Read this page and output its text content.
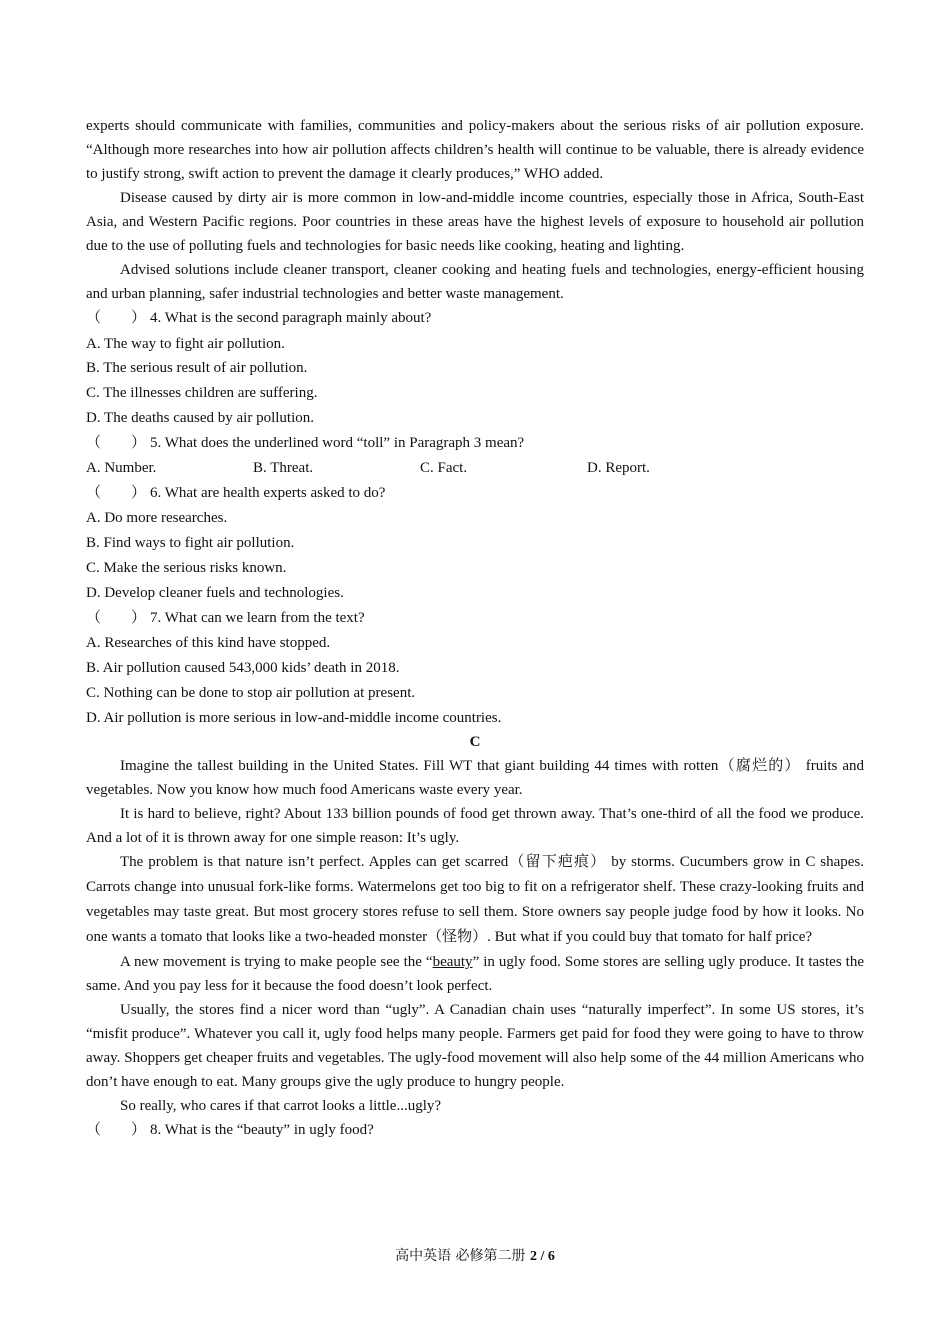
experts should communicate with families, communities and policy-makers about the serious risks of air pollution exposure. “Although more researches into how air pollution affects children’s health will continue to be valuable, there is already evidence to justify strong, swift action to prevent the damage it clearly produces,” WHO added.

Disease caused by dirty air is more common in low-and-middle income countries, especially those in Africa, South-East Asia, and Western Pacific regions. Poor countries in these areas have the highest levels of exposure to household air pollution due to the use of polluting fuels and technologies for basic needs like cooking, heating and lighting.

Advised solutions include cleaner transport, cleaner cooking and heating fuels and technologies, energy-efficient housing and urban planning, safer industrial technologies and better waste management.

（　　） 4. What is the second paragraph mainly about?

A. The way to fight air pollution.

B. The serious result of air pollution.

C. The illnesses children are suffering.

D. The deaths caused by air pollution.

（　　） 5. What does the underlined word “toll” in Paragraph 3 mean?

A. Number.	B. Threat.	C. Fact.	D. Report.

（　　） 6. What are health experts asked to do?

A. Do more researches.

B. Find ways to fight air pollution.

C. Make the serious risks known.

D. Develop cleaner fuels and technologies.

（　　） 7. What can we learn from the text?

A. Researches of this kind have stopped.

B. Air pollution caused 543,000 kids’ death in 2018.

C. Nothing can be done to stop air pollution at present.

D. Air pollution is more serious in low-and-middle income countries.

C

Imagine the tallest building in the United States. Fill WT that giant building 44 times with rotten（腐烂的） fruits and vegetables. Now you know how much food Americans waste every year.

It is hard to believe, right? About 133 billion pounds of food get thrown away. That’s one-third of all the food we produce. And a lot of it is thrown away for one simple reason: It’s ugly.

The problem is that nature isn’t perfect. Apples can get scarred（留下疤痕） by storms. Cucumbers grow in C shapes. Carrots change into unusual fork-like forms. Watermelons get too big to fit on a refrigerator shelf. These crazy-looking fruits and vegetables may taste great. But most grocery stores refuse to sell them. Store owners say people judge food by how it looks. No one wants a tomato that looks like a two-headed monster（怪物）. But what if you could buy that tomato for half price?

A new movement is trying to make people see the “beauty” in ugly food. Some stores are selling ugly produce. It tastes the same. And you pay less for it because the food doesn’t look perfect.

Usually, the stores find a nicer word than “ugly”. A Canadian chain uses “naturally imperfect”. In some US stores, it’s “misfit produce”. Whatever you call it, ugly food helps many people. Farmers get paid for food they were going to have to throw away. Shoppers get cheaper fruits and vegetables. The ugly-food movement will also help some of the 44 million Americans who don’t have enough to eat. Many groups give the ugly produce to hungry people.

So really, who cares if that carrot looks a little...ugly?

（　　） 8. What is the “beauty” in ugly food?

高中英语 必修第二册 2 / 6
